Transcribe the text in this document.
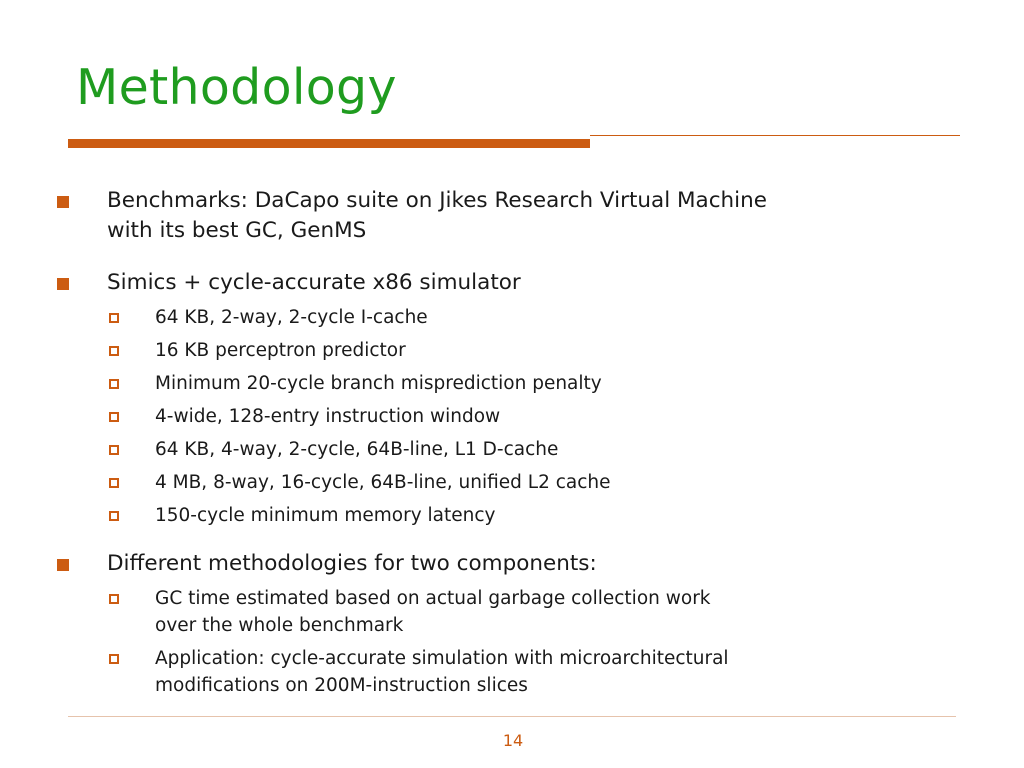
Methodology
Benchmarks: DaCapo suite on Jikes Research Virtual Machine
with its best GC, GenMS
Simics + cycle-accurate x86 simulator
64 KB, 2-way, 2-cycle I-cache
16 KB perceptron predictor
Minimum 20-cycle branch misprediction penalty
4-wide, 128-entry instruction window
64 KB, 4-way, 2-cycle, 64B-line, L1 D-cache
4 MB, 8-way, 16-cycle, 64B-line, unified L2 cache
150-cycle minimum memory latency
Different methodologies for two components:
GC time estimated based on actual garbage collection work
over the whole benchmark
Application: cycle-accurate simulation with microarchitectural
modifications on 200M-instruction slices
14
